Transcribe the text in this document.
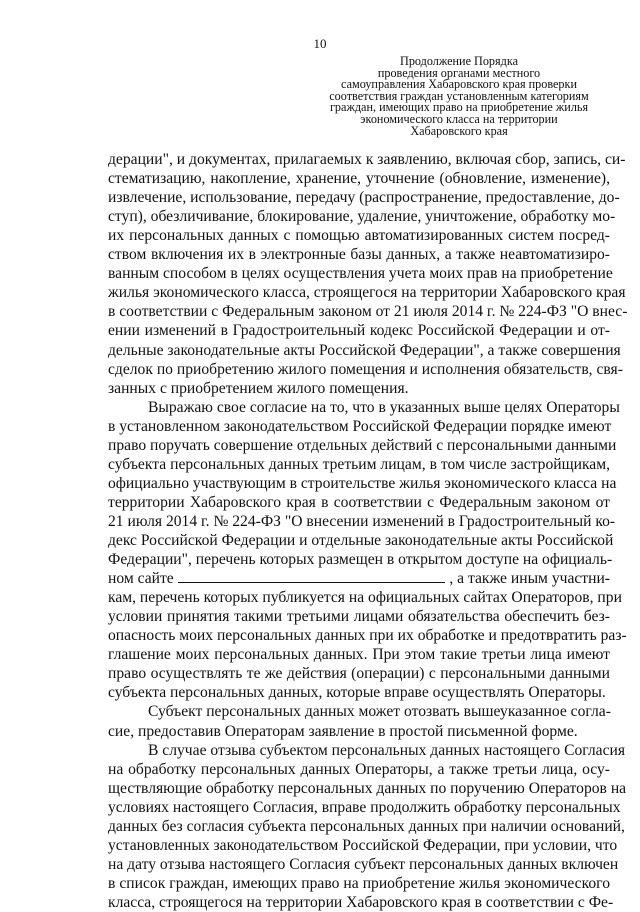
10
Продолжение Порядка
проведения органами местного
самоуправления Хабаровского края проверки
соответствия граждан установленным категориям
граждан, имеющих право на приобретение жилья
экономического класса на территории
Хабаровского края
дерации", и документах, прилагаемых к заявлению, включая сбор, запись, си-
стематизацию, накопление, хранение, уточнение (обновление, изменение),
извлечение, использование, передачу (распространение, предоставление, до-
ступ), обезличивание, блокирование, удаление, уничтожение, обработку мо-
их персональных данных с помощью автоматизированных систем посред-
ством включения их в электронные базы данных, а также неавтоматизиро-
ванным способом в целях осуществления учета моих прав на приобретение
жилья экономического класса, строящегося на территории Хабаровского края
в соответствии с Федеральным законом от 21 июля 2014 г. № 224-ФЗ "О внес-
ении изменений в Градостроительный кодекс Российской Федерации и от-
дельные законодательные акты Российской Федерации", а также совершения
сделок по приобретению жилого помещения и исполнения обязательств, свя-
занных с приобретением жилого помещения.
Выражаю свое согласие на то, что в указанных выше целях Операторы
в установленном законодательством Российской Федерации порядке имеют
право поручать совершение отдельных действий с персональными данными
субъекта персональных данных третьим лицам, в том числе застройщикам,
официально участвующим в строительстве жилья экономического класса на
территории Хабаровского края в соответствии с Федеральным законом от
21 июля 2014 г. № 224-ФЗ "О внесении изменений в Градостроительный ко-
декс Российской Федерации и отдельные законодательные акты Российской
Федерации", перечень которых размещен в открытом доступе на официаль-
ном сайте	, а также иным участни-
кам, перечень которых публикуется на официальных сайтах Операторов, при
условии принятия такими третьими лицами обязательства обеспечить без-
опасность моих персональных данных при их обработке и предотвратить раз-
глашение моих персональных данных. При этом такие третьи лица имеют
право осуществлять те же действия (операции) с персональными данными
субъекта персональных данных, которые вправе осуществлять Операторы.
Субъект персональных данных может отозвать вышеуказанное согла-
сие, предоставив Операторам заявление в простой письменной форме.
В случае отзыва субъектом персональных данных настоящего Согласия
на обработку персональных данных Операторы, а также третьи лица, осу-
ществляющие обработку персональных данных по поручению Операторов на
условиях настоящего Согласия, вправе продолжить обработку персональных
данных без согласия субъекта персональных данных при наличии оснований,
установленных законодательством Российской Федерации, при условии, что
на дату отзыва настоящего Согласия субъект персональных данных включен
в список граждан, имеющих право на приобретение жилья экономического
класса, строящегося на территории Хабаровского края в соответствии с Фе-
